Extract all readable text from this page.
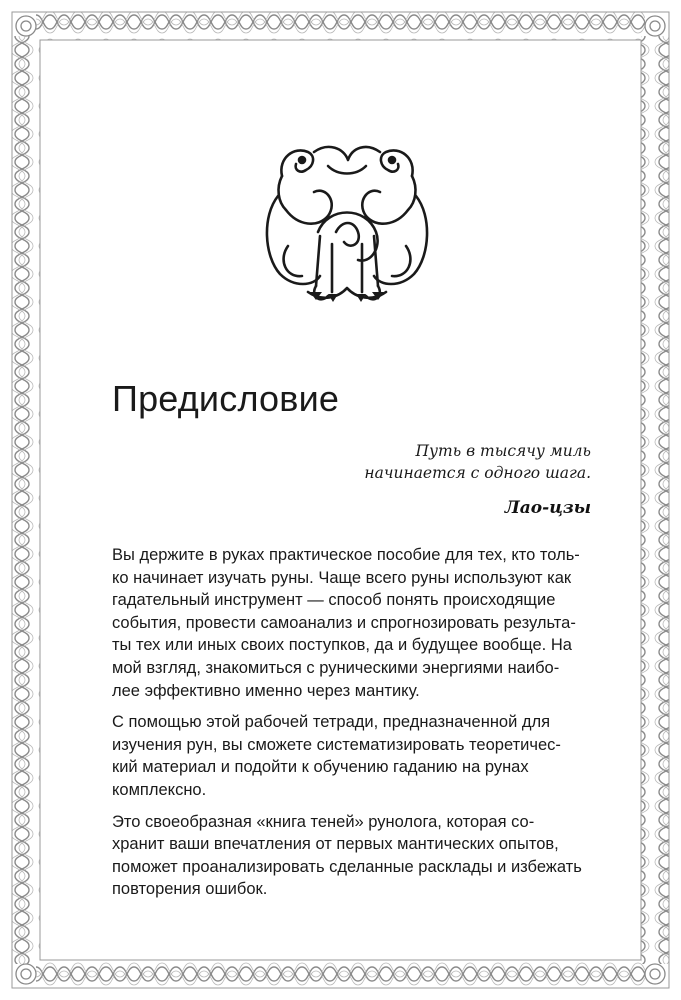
Предисловие
Путь в тысячу миль
начинается с одного шага.
Лао-цзы

Вы держите в руках практическое пособие для тех, кто толь-
ко начинает изучать руны. Чаще всего руны используют как
гадательный инструмент — способ понять происходящие
события, провести самоанализ и спрогнозировать результа-
ты тех или иных своих поступков, да и будущее вообще. На
мой взгляд, знакомиться с руническими энергиями наибо-
лее эффективно именно через мантику.

С помощью этой рабочей тетради, предназначенной для
изучения рун, вы сможете систематизировать теоретичес-
кий материал и подойти к обучению гаданию на рунах
комплексно.

Это своеобразная «книга теней» рунолога, которая со-
хранит ваши впечатления от первых мантических опытов,
поможет проанализировать сделанные расклады и избежать
повторения ошибок.
